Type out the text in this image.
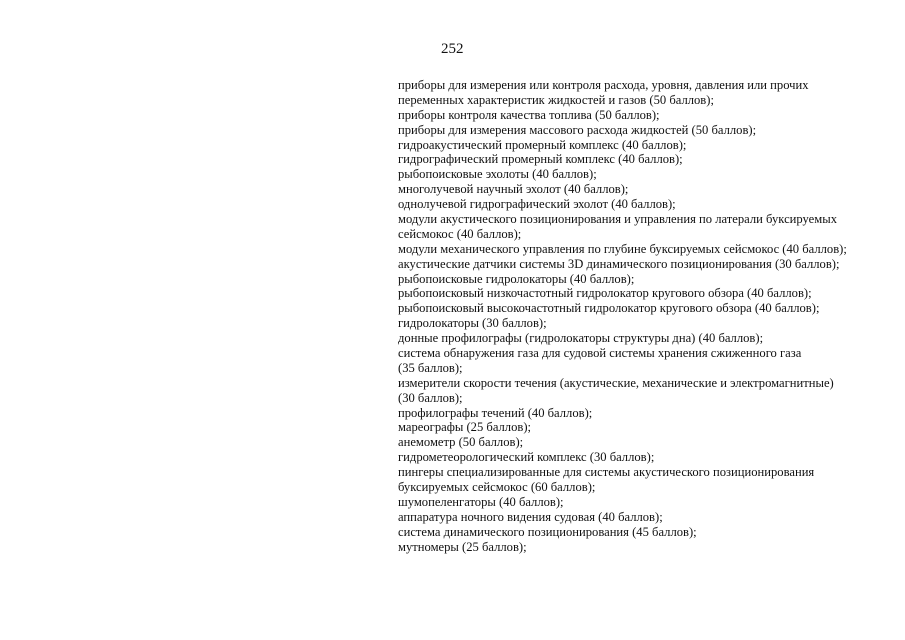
252
приборы для измерения или контроля расхода, уровня, давления или прочих
переменных характеристик жидкостей и газов (50 баллов);
приборы контроля качества топлива (50 баллов);
приборы для измерения массового расхода жидкостей (50 баллов);
гидроакустический промерный комплекс (40 баллов);
гидрографический промерный комплекс (40 баллов);
рыбопоисковые эхолоты (40 баллов);
многолучевой научный эхолот (40 баллов);
однолучевой гидрографический эхолот (40 баллов);
модули акустического позиционирования и управления по латерали буксируемых
сейсмокос (40 баллов);
модули механического управления по глубине буксируемых сейсмокос (40 баллов);
акустические датчики системы 3D динамического позиционирования (30 баллов);
рыбопоисковые гидролокаторы (40 баллов);
рыбопоисковый низкочастотный гидролокатор кругового обзора (40 баллов);
рыбопоисковый высокочастотный гидролокатор кругового обзора (40 баллов);
гидролокаторы (30 баллов);
донные профилографы (гидролокаторы структуры дна) (40 баллов);
система обнаружения газа для судовой системы хранения сжиженного газа
(35 баллов);
измерители скорости течения (акустические, механические и электромагнитные)
(30 баллов);
профилографы течений (40 баллов);
мареографы (25 баллов);
анемометр (50 баллов);
гидрометеорологический комплекс (30 баллов);
пингеры специализированные для системы акустического позиционирования
буксируемых сейсмокос (60 баллов);
шумопеленгаторы (40 баллов);
аппаратура ночного видения судовая (40 баллов);
система динамического позиционирования (45 баллов);
мутномеры (25 баллов);
